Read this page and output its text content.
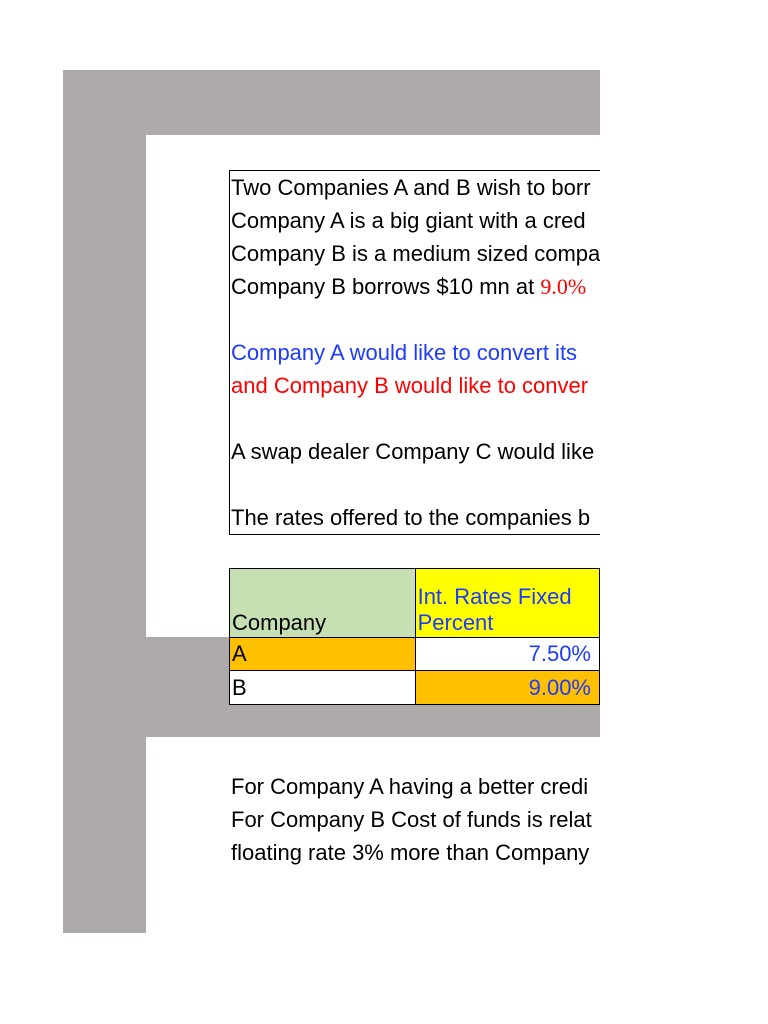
Two Companies A and B wish to borr
Company A is a big giant with a cred
Company B is a medium sized compa
Company B borrows $10 mn at 9.0%
Company A would like to convert its
and Company B would like to conver
A swap dealer Company C would like
The rates offered to the companies b
Company	Int. Rates Fixed
Percent

A	7.50%
B	9.00%
For Company A having a better credi
For Company B Cost of funds is relat
floating rate 3% more than Company
